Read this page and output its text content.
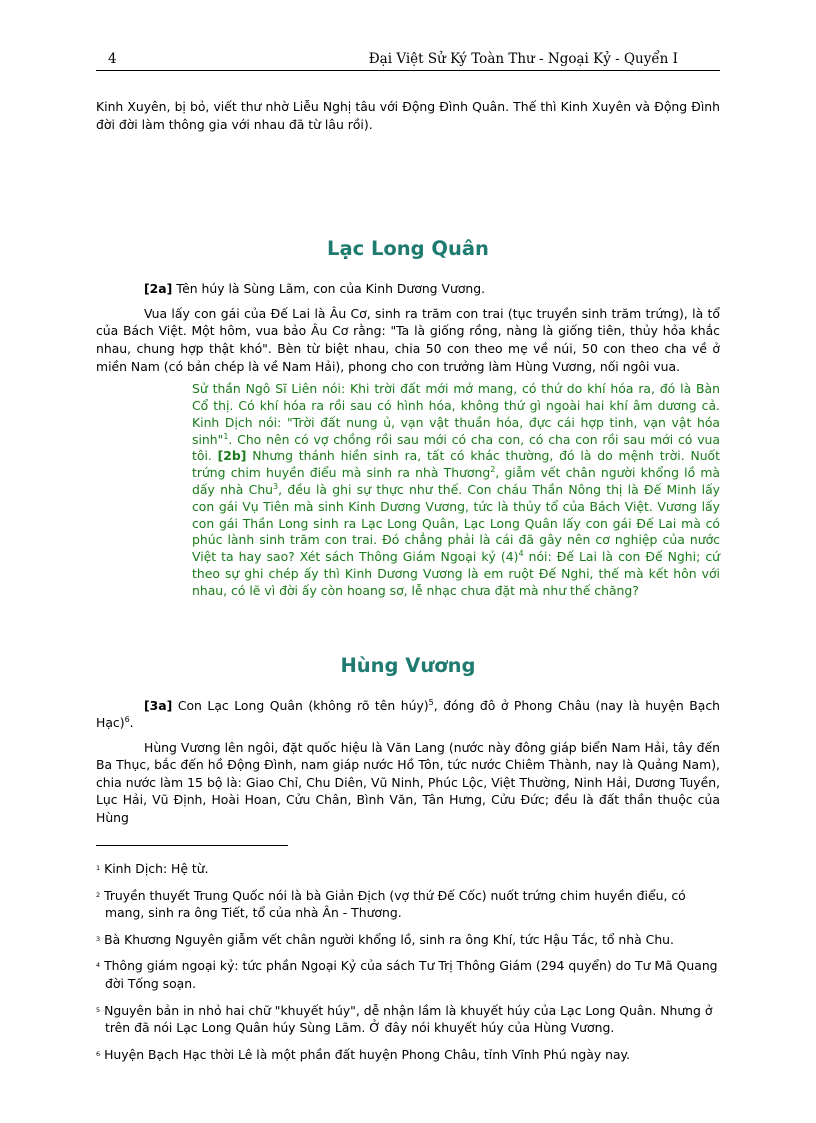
4	Đại Việt Sử Ký Toàn Thư - Ngoại Kỷ - Quyển I

Kinh Xuyên, bị bỏ, viết thư nhờ Liễu Nghị tâu với Động Đình Quân. Thế thì Kinh Xuyên và Động Đình đời đời làm thông gia với nhau đã từ lâu rồi).

Lạc Long Quân

[2a] Tên húy là Sùng Lãm, con của Kinh Dương Vương.

Vua lấy con gái của Đế Lai là Âu Cơ, sinh ra trăm con trai (tục truyền sinh trăm trứng), là tổ của Bách Việt. Một hôm, vua bảo Âu Cơ rằng: "Ta là giống rồng, nàng là giống tiên, thủy hỏa khắc nhau, chung hợp thật khó". Bèn từ biệt nhau, chia 50 con theo mẹ về núi, 50 con theo cha về ở miền Nam (có bản chép là về Nam Hải), phong cho con trưởng làm Hùng Vương, nối ngôi vua.

Sử thần Ngô Sĩ Liên nói: Khi trời đất mới mở mang, có thứ do khí hóa ra, đó là Bàn Cổ thị. Có khí hóa ra rồi sau có hình hóa, không thứ gì ngoài hai khí âm dương cả. Kinh Dịch nói: "Trời đất nung ủ, vạn vật thuần hóa, đực cái hợp tinh, vạn vật hóa sinh"$^1$. Cho nên có vợ chồng rồi sau mới có cha con, có cha con rồi sau mới có vua tôi. [2b] Nhưng thánh hiền sinh ra, tất có khác thường, đó là do mệnh trời. Nuốt trứng chim huyền điểu mà sinh ra nhà Thương$^2$, giẫm vết chân người khổng lồ mà dấy nhà Chu$^3$, đều là ghi sự thực như thế. Con cháu Thần Nông thị là Đế Minh lấy con gái Vụ Tiên mà sinh Kinh Dương Vương, tức là thủy tổ của Bách Việt. Vương lấy con gái Thần Long sinh ra Lạc Long Quân, Lạc Long Quân lấy con gái Đế Lai mà có phúc lành sinh trăm con trai. Đó chẳng phải là cái đã gây nên cơ nghiệp của nước Việt ta hay sao? Xét sách Thông Giám Ngoại kỷ $(4)^4$ nói: Đế Lai là con Đế Nghi; cứ theo sự ghi chép ấy thì Kinh Dương Vương là em ruột Đế Nghi, thế mà kết hôn với nhau, có lẽ vì đời ấy còn hoang sơ, lễ nhạc chưa đặt mà như thế chăng?
Hùng Vương

[3a] Con Lạc Long Quân (không rõ tên húy)$^5$, đóng đô ở Phong Châu (nay là huyện Bạch Hạc)$^6$.

Hùng Vương lên ngôi, đặt quốc hiệu là Văn Lang (nước này đông giáp biển Nam Hải, tây đến Ba Thục, bắc đến hồ Động Đình, nam giáp nước Hồ Tôn, tức nước Chiêm Thành, nay là Quảng Nam), chia nước làm 15 bộ là: Giao Chỉ, Chu Diên, Vũ Ninh, Phúc Lộc, Việt Thường, Ninh Hải, Dương Tuyền, Lục Hải, Vũ Định, Hoài Hoan, Cửu Chân, Bình Văn, Tân Hưng, Cửu Đức; đều là đất thần thuộc của Hùng

$^1$ Kinh Dịch: Hệ từ.

$^2$ Truyền thuyết Trung Quốc nói là bà Giản Địch (vợ thứ Đế Cốc) nuốt trứng chim huyền điểu, có mang, sinh ra ông Tiết, tổ của nhà Ân - Thương.

$^3$ Bà Khương Nguyên giẫm vết chân người khổng lồ, sinh ra ông Khí, tức Hậu Tắc, tổ nhà Chu.

$^4$ Thông giám ngoại kỷ: tức phần Ngoại Kỷ của sách Tư Trị Thông Giám (294 quyển) do Tư Mã Quang đời Tống soạn.

$^5$ Nguyên bản in nhỏ hai chữ "khuyết húy", dễ nhận lầm là khuyết húy của Lạc Long Quân. Nhưng ở trên đã nói Lạc Long Quân húy Sùng Lãm. Ở đây nói khuyết húy của Hùng Vương.

$^6$ Huyện Bạch Hạc thời Lê là một phần đất huyện Phong Châu, tỉnh Vĩnh Phú ngày nay.
